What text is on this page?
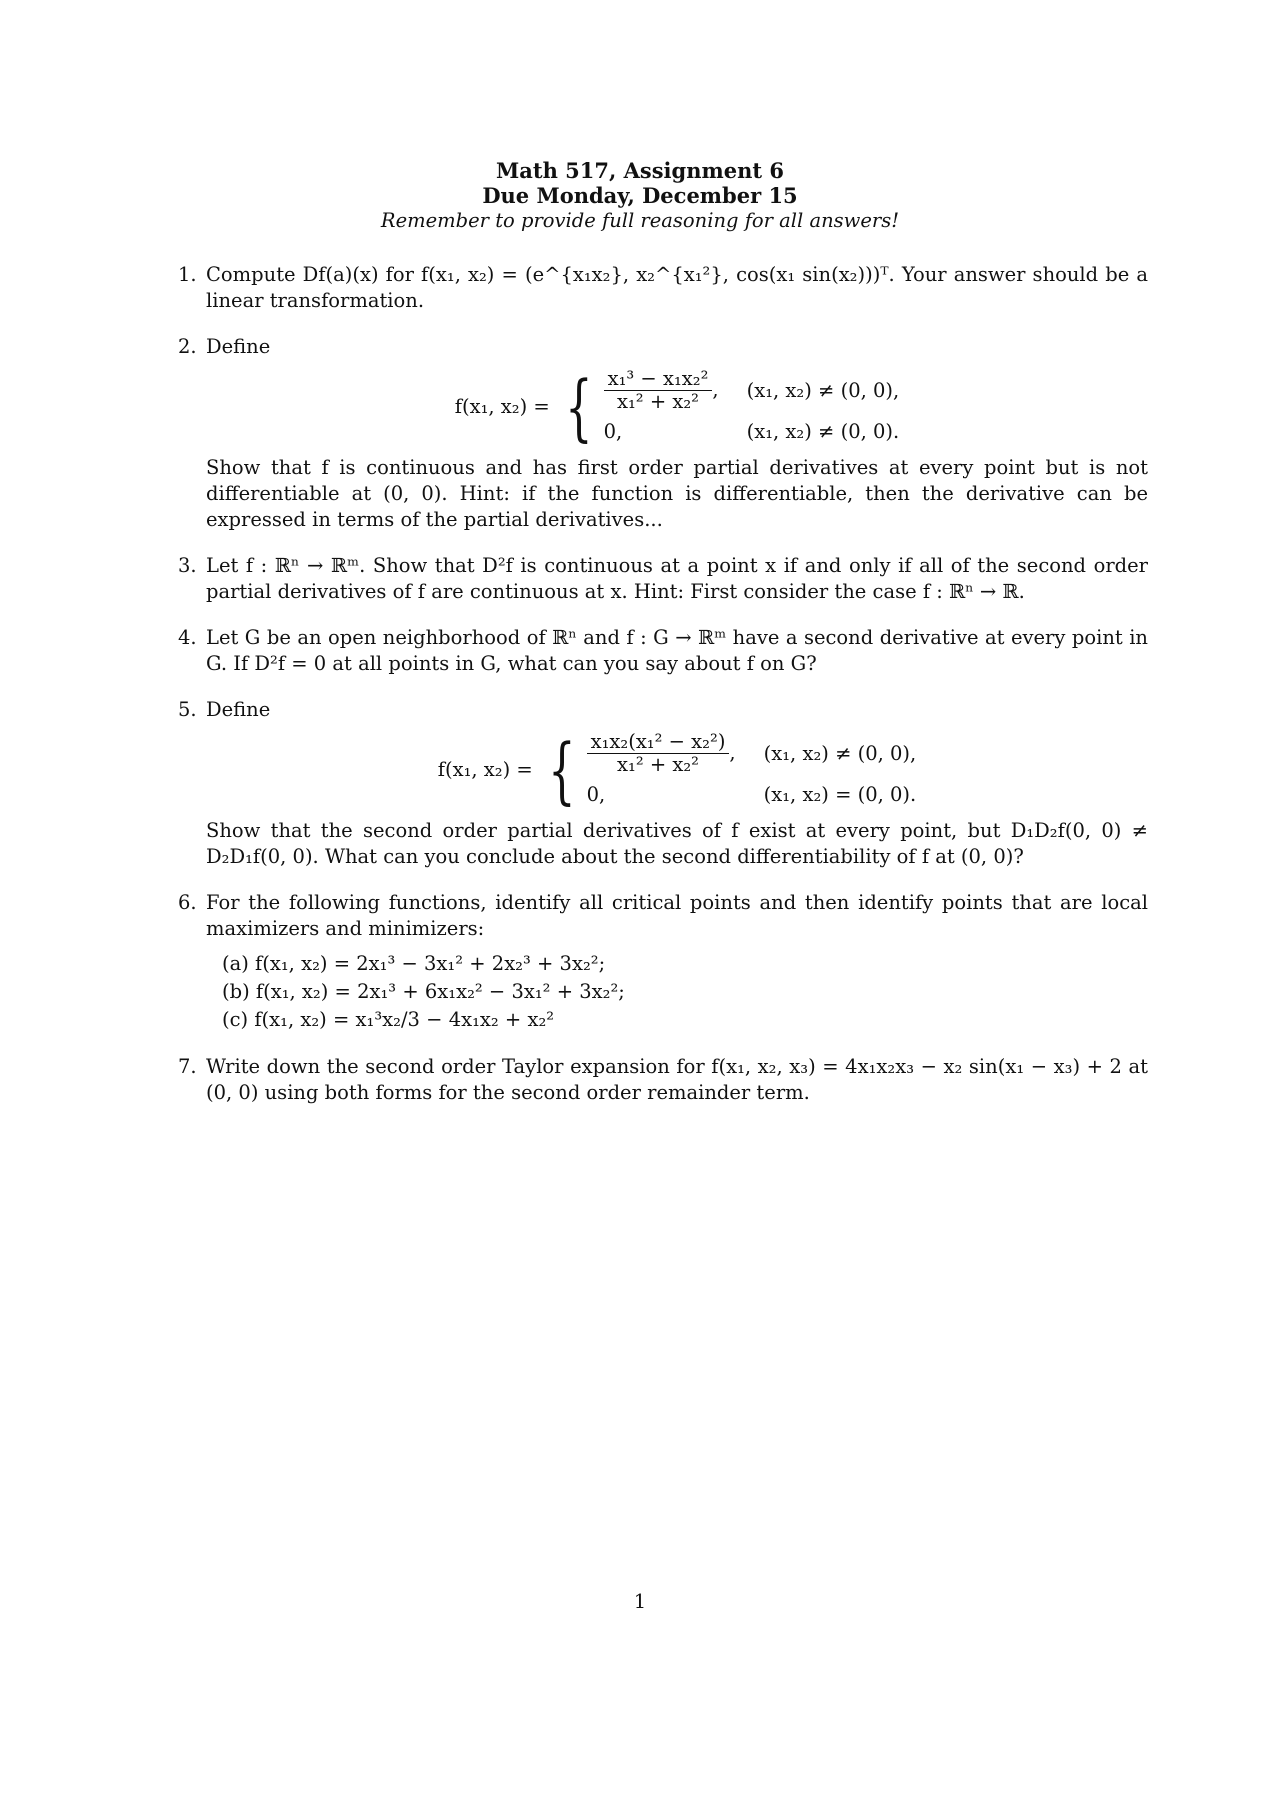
Math 517, Assignment 6
Due Monday, December 15
Remember to provide full reasoning for all answers!
1. Compute Df(a)(x) for f(x₁, x₂) = (e^{x₁x₂}, x₂^{x₁²}, cos(x₁ sin(x₂)))ᵀ. Your answer should be a linear transformation.

2. Define

f(x₁, x₂) = { $\frac{\text{x₁³ − x₁x₂²}}{\text{x₁² + x₂²}}$ , (x₁, x₂) ≠ (0, 0),
0,	(x₁, x₂) ≠ (0, 0).

Show that f is continuous and has first order partial derivatives at every point but is not differentiable at (0, 0). Hint: if the function is differentiable, then the derivative can be expressed in terms of the partial derivatives...

3. Let f : ℝⁿ → ℝᵐ. Show that D²f is continuous at a point x if and only if all of the second order partial derivatives of f are continuous at x. Hint: First consider the case f : ℝⁿ → ℝ.

4. Let G be an open neighborhood of ℝⁿ and f : G → ℝᵐ have a second derivative at every point in G. If D²f = 0 at all points in G, what can you say about f on G?

5. Define

f(x₁, x₂) = { $\frac{\text{x₁x₂(x₁² − x₂²)}}{\text{x₁² + x₂²}}$ , (x₁, x₂) ≠ (0, 0),
0,	(x₁, x₂) = (0, 0).

Show that the second order partial derivatives of f exist at every point, but D₁D₂f(0, 0) ≠ D₂D₁f(0, 0). What can you conclude about the second differentiability of f at (0, 0)?

6. For the following functions, identify all critical points and then identify points that are local maximizers and minimizers:

(a) f(x₁, x₂) = 2x₁³ − 3x₁² + 2x₂³ + 3x₂²;
(b) f(x₁, x₂) = 2x₁³ + 6x₁x₂² − 3x₁² + 3x₂²;
(c) f(x₁, x₂) = x₁³x₂/3 − 4x₁x₂ + x₂²
7. Write down the second order Taylor expansion for f(x₁, x₂, x₃) = 4x₁x₂x₃ − x₂ sin(x₁ − x₃) + 2 at (0, 0) using both forms for the second order remainder term.

1
